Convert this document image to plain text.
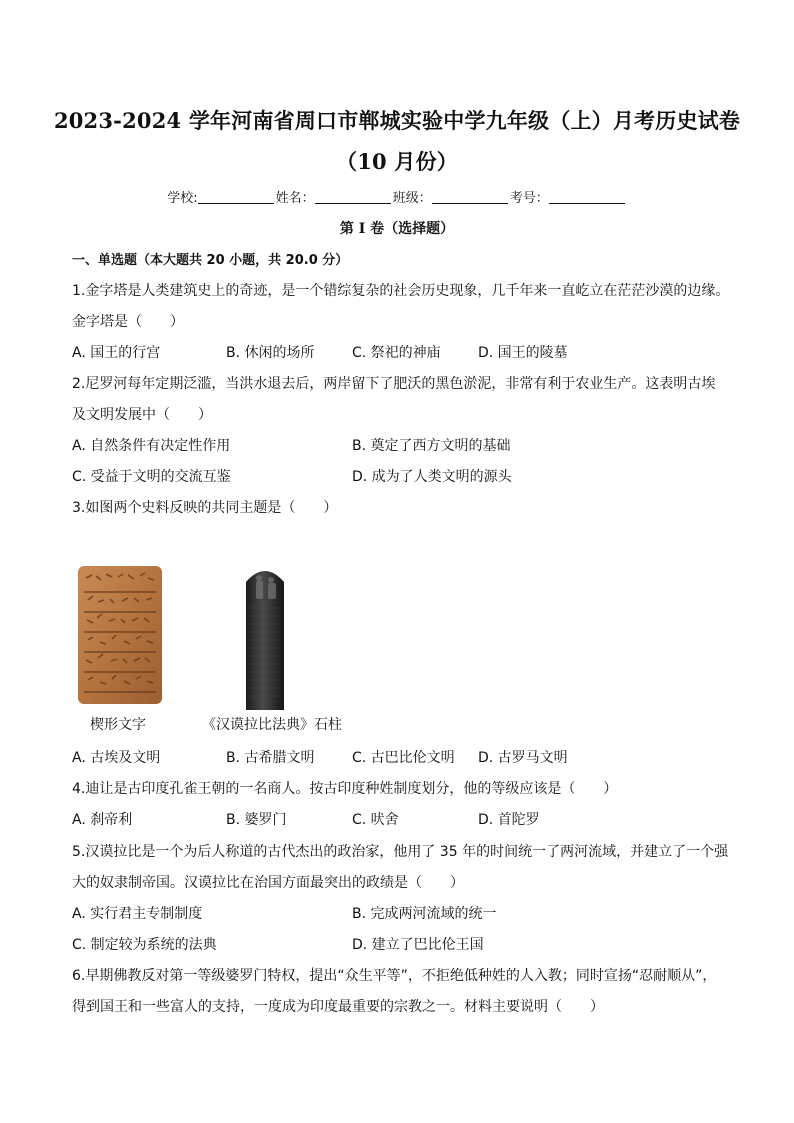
2023-2024 学年河南省周口市郸城实验中学九年级（上）月考历史试卷
（10 月份）
学校:	姓名：	班级：	考号：
第 I 卷（选择题）
一、单选题（本大题共 20 小题，共 20.0 分）
1.金字塔是人类建筑史上的奇迹，是一个错综复杂的社会历史现象，几千年来一直屹立在茫茫沙漠的边缘。
金字塔是（　　）
A. 国王的行宫	B. 休闲的场所	C. 祭祀的神庙	D. 国王的陵墓
2.尼罗河每年定期泛滥，当洪水退去后，两岸留下了肥沃的黑色淤泥，非常有利于农业生产。这表明古埃
及文明发展中（　　）
A. 自然条件有决定性作用	B. 奠定了西方文明的基础
C. 受益于文明的交流互鉴	D. 成为了人类文明的源头
3.如图两个史料反映的共同主题是（　　）
楔形文字	《汉谟拉比法典》石柱
A. 古埃及文明	B. 古希腊文明	C. 古巴比伦文明 D. 古罗马文明
4.迪让是古印度孔雀王朝的一名商人。按古印度种姓制度划分，他的等级应该是（　　）
A. 刹帝利	B. 婆罗门	C. 吠舍	D. 首陀罗
5.汉谟拉比是一个为后人称道的古代杰出的政治家，他用了 35 年的时间统一了两河流域，并建立了一个强
大的奴隶制帝国。汉谟拉比在治国方面最突出的政绩是（　　）
A. 实行君主专制制度	B. 完成两河流域的统一
C. 制定较为系统的法典	D. 建立了巴比伦王国
6.早期佛教反对第一等级婆罗门特权，提出“众生平等”，不拒绝低种姓的人入教；同时宣扬“忍耐顺从”，
得到国王和一些富人的支持，一度成为印度最重要的宗教之一。材料主要说明（　　）
